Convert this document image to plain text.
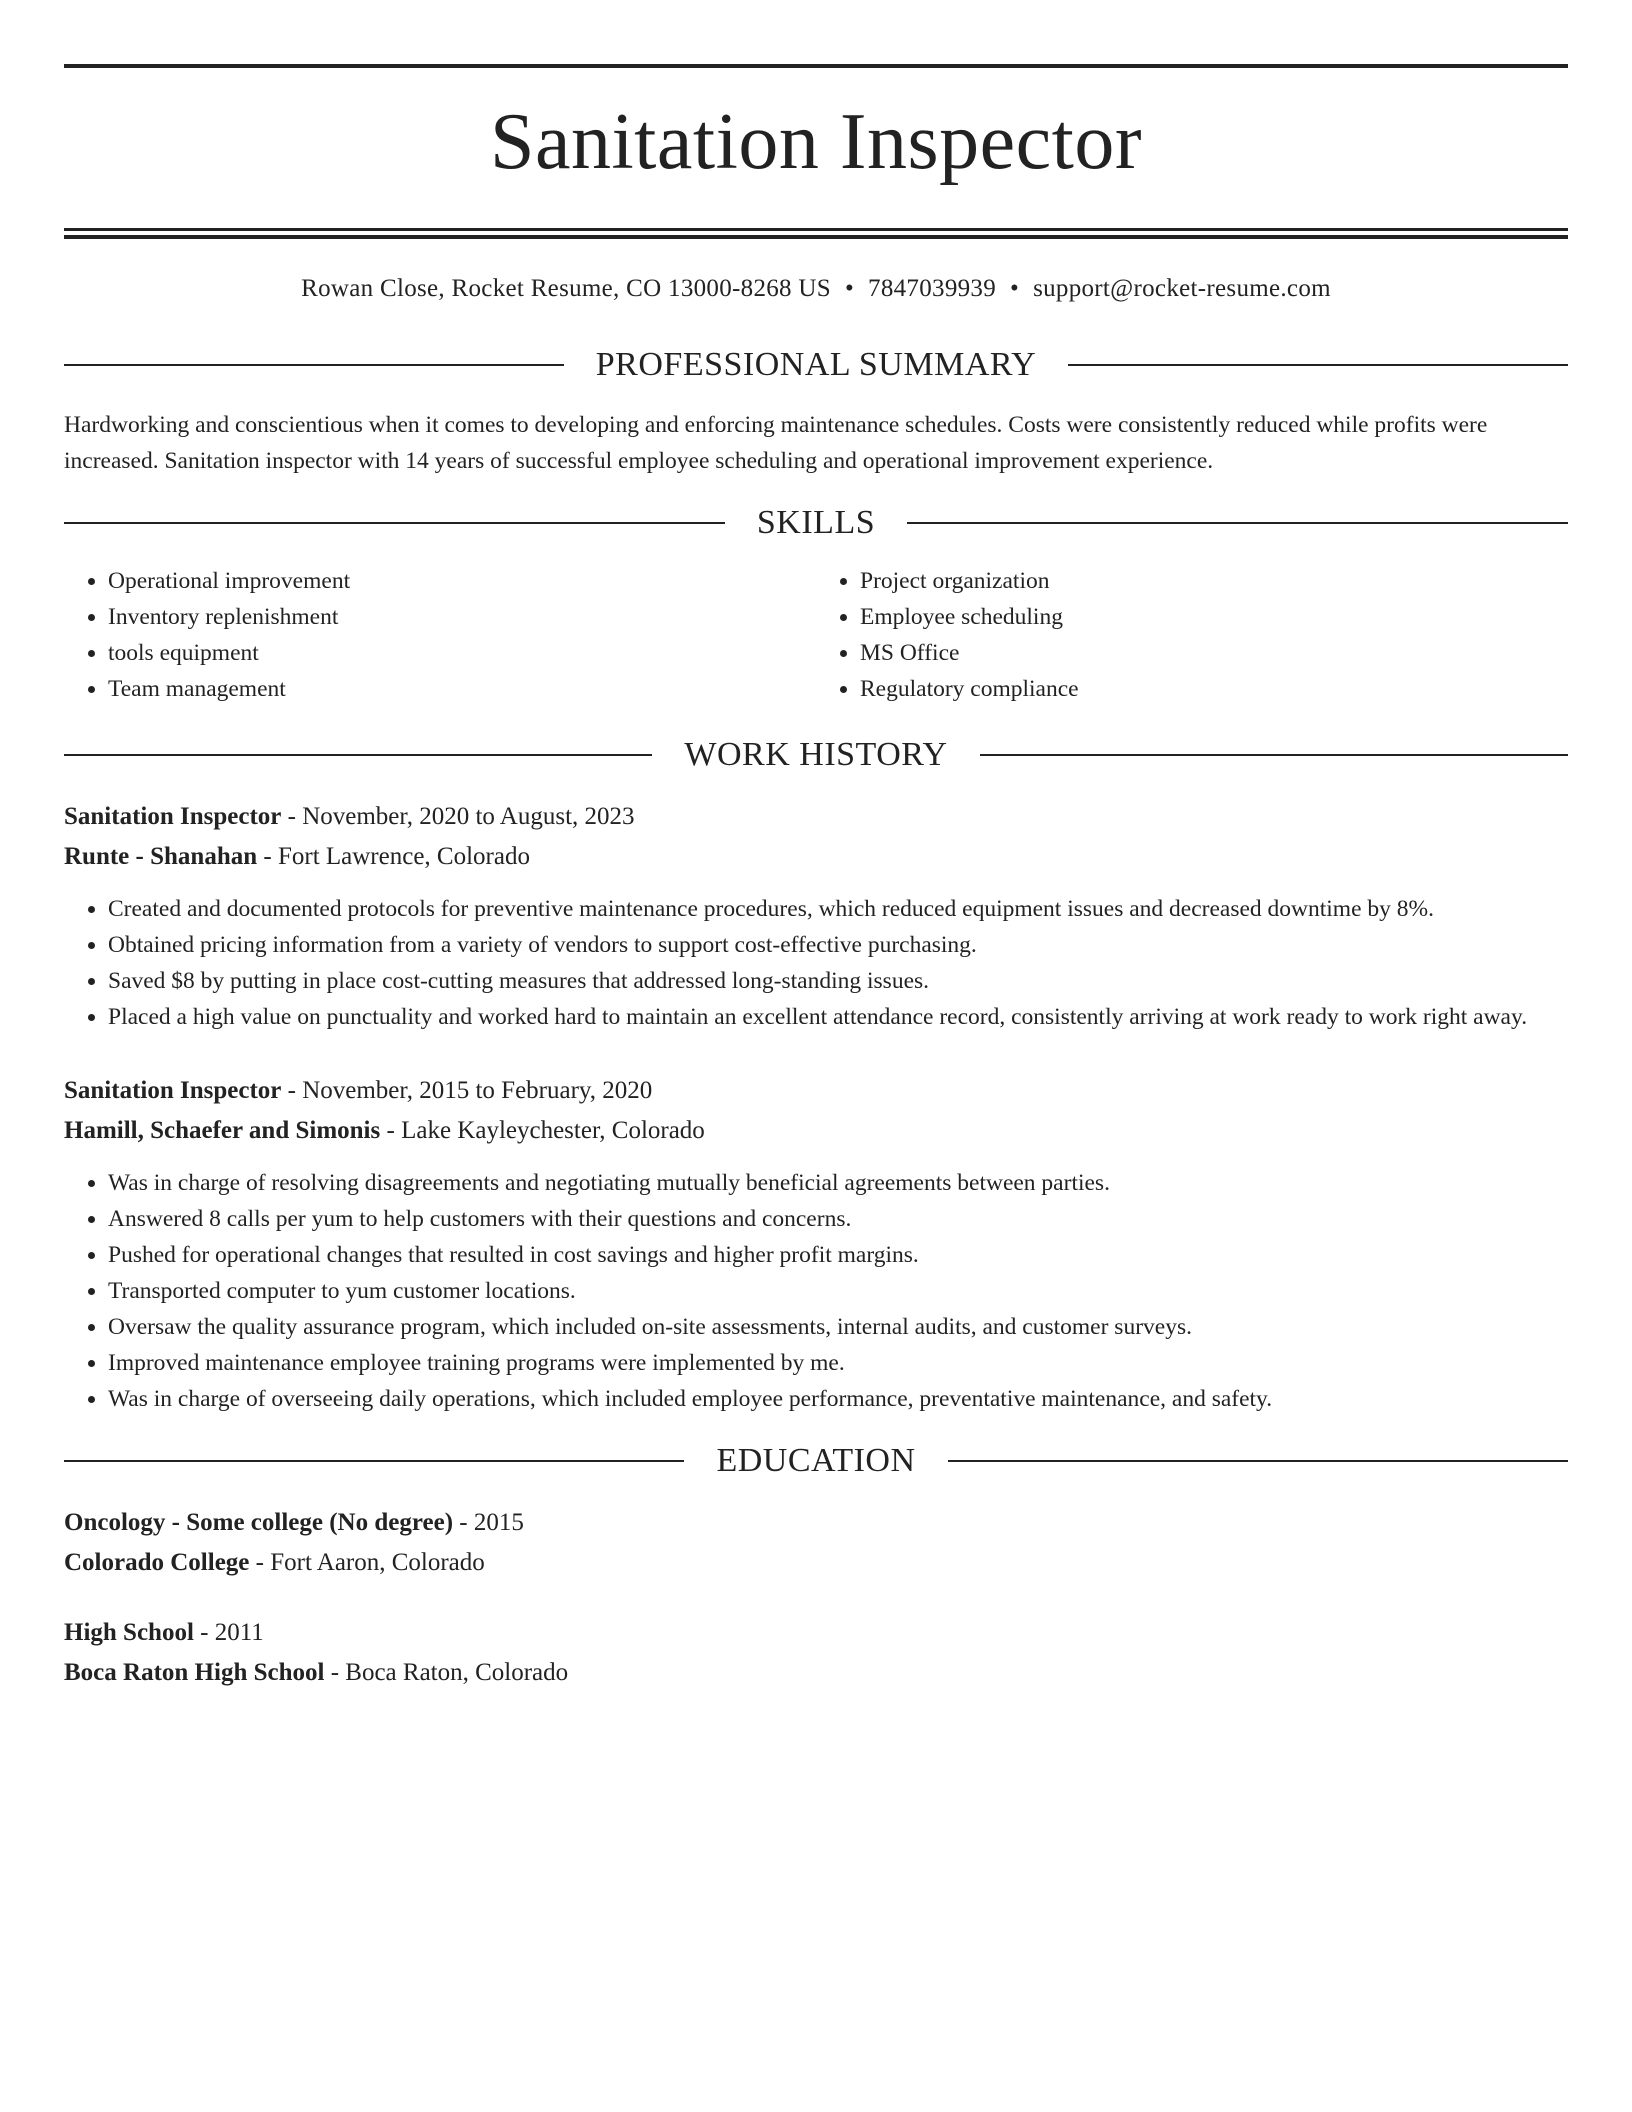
Sanitation Inspector
Rowan Close, Rocket Resume, CO 13000-8268 US • 7847039939 • support@rocket-resume.com
PROFESSIONAL SUMMARY
Hardworking and conscientious when it comes to developing and enforcing maintenance schedules. Costs were consistently reduced while profits were increased. Sanitation inspector with 14 years of successful employee scheduling and operational improvement experience.
SKILLS
• Operational improvement
• Inventory replenishment
• tools equipment
• Team management
• Project organization
• Employee scheduling
• MS Office
• Regulatory compliance
WORK HISTORY
Sanitation Inspector - November, 2020 to August, 2023
Runte - Shanahan - Fort Lawrence, Colorado
• Created and documented protocols for preventive maintenance procedures, which reduced equipment issues and decreased downtime by 8%.
• Obtained pricing information from a variety of vendors to support cost-effective purchasing.
• Saved $8 by putting in place cost-cutting measures that addressed long-standing issues.
• Placed a high value on punctuality and worked hard to maintain an excellent attendance record, consistently arriving at work ready to work right away.
Sanitation Inspector - November, 2015 to February, 2020
Hamill, Schaefer and Simonis - Lake Kayleychester, Colorado
• Was in charge of resolving disagreements and negotiating mutually beneficial agreements between parties.
• Answered 8 calls per yum to help customers with their questions and concerns.
• Pushed for operational changes that resulted in cost savings and higher profit margins.
• Transported computer to yum customer locations.
• Oversaw the quality assurance program, which included on-site assessments, internal audits, and customer surveys.
• Improved maintenance employee training programs were implemented by me.
• Was in charge of overseeing daily operations, which included employee performance, preventative maintenance, and safety.
EDUCATION
Oncology - Some college (No degree) - 2015
Colorado College - Fort Aaron, Colorado
High School - 2011
Boca Raton High School - Boca Raton, Colorado
